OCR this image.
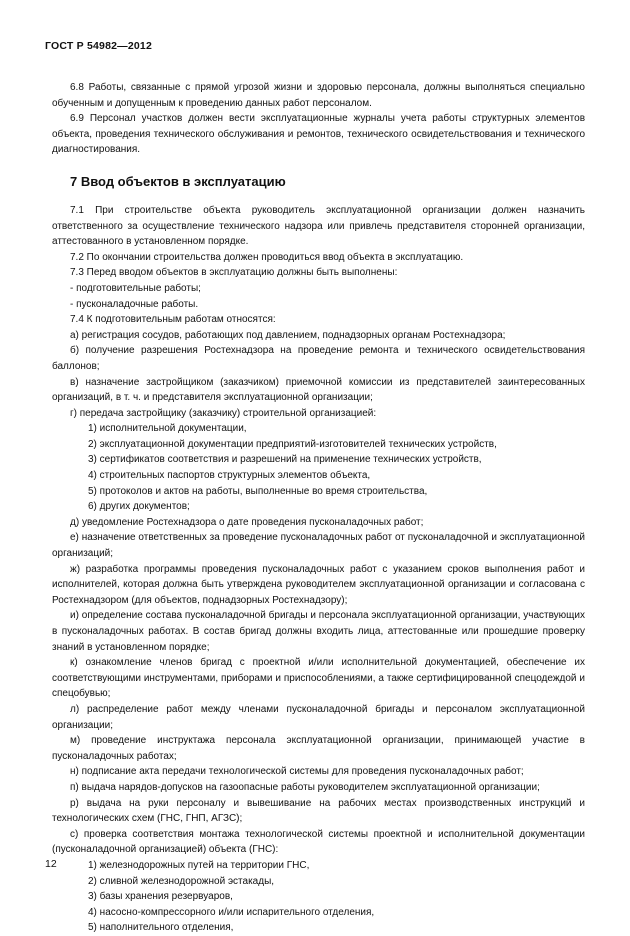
ГОСТ Р 54982—2012

6.8 Работы, связанные с прямой угрозой жизни и здоровью персонала, должны выполняться специально обученным и допущенным к проведению данных работ персоналом.

6.9 Персонал участков должен вести эксплуатационные журналы учета работы структурных элементов объекта, проведения технического обслуживания и ремонтов, технического освидетельствования и технического диагностирования.

7 Ввод объектов в эксплуатацию

7.1 При строительстве объекта руководитель эксплуатационной организации должен назначить ответственного за осуществление технического надзора или привлечь представителя сторонней организации, аттестованного в установленном порядке.

7.2 По окончании строительства должен проводиться ввод объекта в эксплуатацию.

7.3 Перед вводом объектов в эксплуатацию должны быть выполнены:

- подготовительные работы;

- пусконаладочные работы.

7.4 К подготовительным работам относятся:

а) регистрация сосудов, работающих под давлением, поднадзорных органам Ростехнадзора;

б) получение разрешения Ростехнадзора на проведение ремонта и технического освидетельствования баллонов;

в) назначение застройщиком (заказчиком) приемочной комиссии из представителей заинтересованных организаций, в т. ч. и представителя эксплуатационной организации;

г) передача застройщику (заказчику) строительной организацией:

1) исполнительной документации,

2) эксплуатационной документации предприятий-изготовителей технических устройств,

3) сертификатов соответствия и разрешений на применение технических устройств,

4) строительных паспортов структурных элементов объекта,

5) протоколов и актов на работы, выполненные во время строительства,

6) других документов;

д) уведомление Ростехнадзора о дате проведения пусконаладочных работ;

е) назначение ответственных за проведение пусконаладочных работ от пусконаладочной и эксплуатационной организаций;

ж) разработка программы проведения пусконаладочных работ с указанием сроков выполнения работ и исполнителей, которая должна быть утверждена руководителем эксплуатационной организации и согласована с Ростехнадзором (для объектов, поднадзорных Ростехнадзору);

и) определение состава пусконаладочной бригады и персонала эксплуатационной организации, участвующих в пусконаладочных работах. В состав бригад должны входить лица, аттестованные или прошедшие проверку знаний в установленном порядке;

к) ознакомление членов бригад с проектной и/или исполнительной документацией, обеспечение их соответствующими инструментами, приборами и приспособлениями, а также сертифицированной спецодеждой и спецобувью;

л) распределение работ между членами пусконаладочной бригады и персоналом эксплуатационной организации;

м) проведение инструктажа персонала эксплуатационной организации, принимающей участие в пусконаладочных работах;

н) подписание акта передачи технологической системы для проведения пусконаладочных работ;

п) выдача нарядов-допусков на газоопасные работы руководителем эксплуатационной организации;

р) выдача на руки персоналу и вывешивание на рабочих местах производственных инструкций и технологических схем (ГНС, ГНП, АГЗС);

с) проверка соответствия монтажа технологической системы проектной и исполнительной документации (пусконаладочной организацией) объекта (ГНС):

1) железнодорожных путей на территории ГНС,

2) сливной железнодорожной эстакады,

3) базы хранения резервуаров,

4) насосно-компрессорного и/или испарительного отделения,

5) наполнительного отделения,

12
